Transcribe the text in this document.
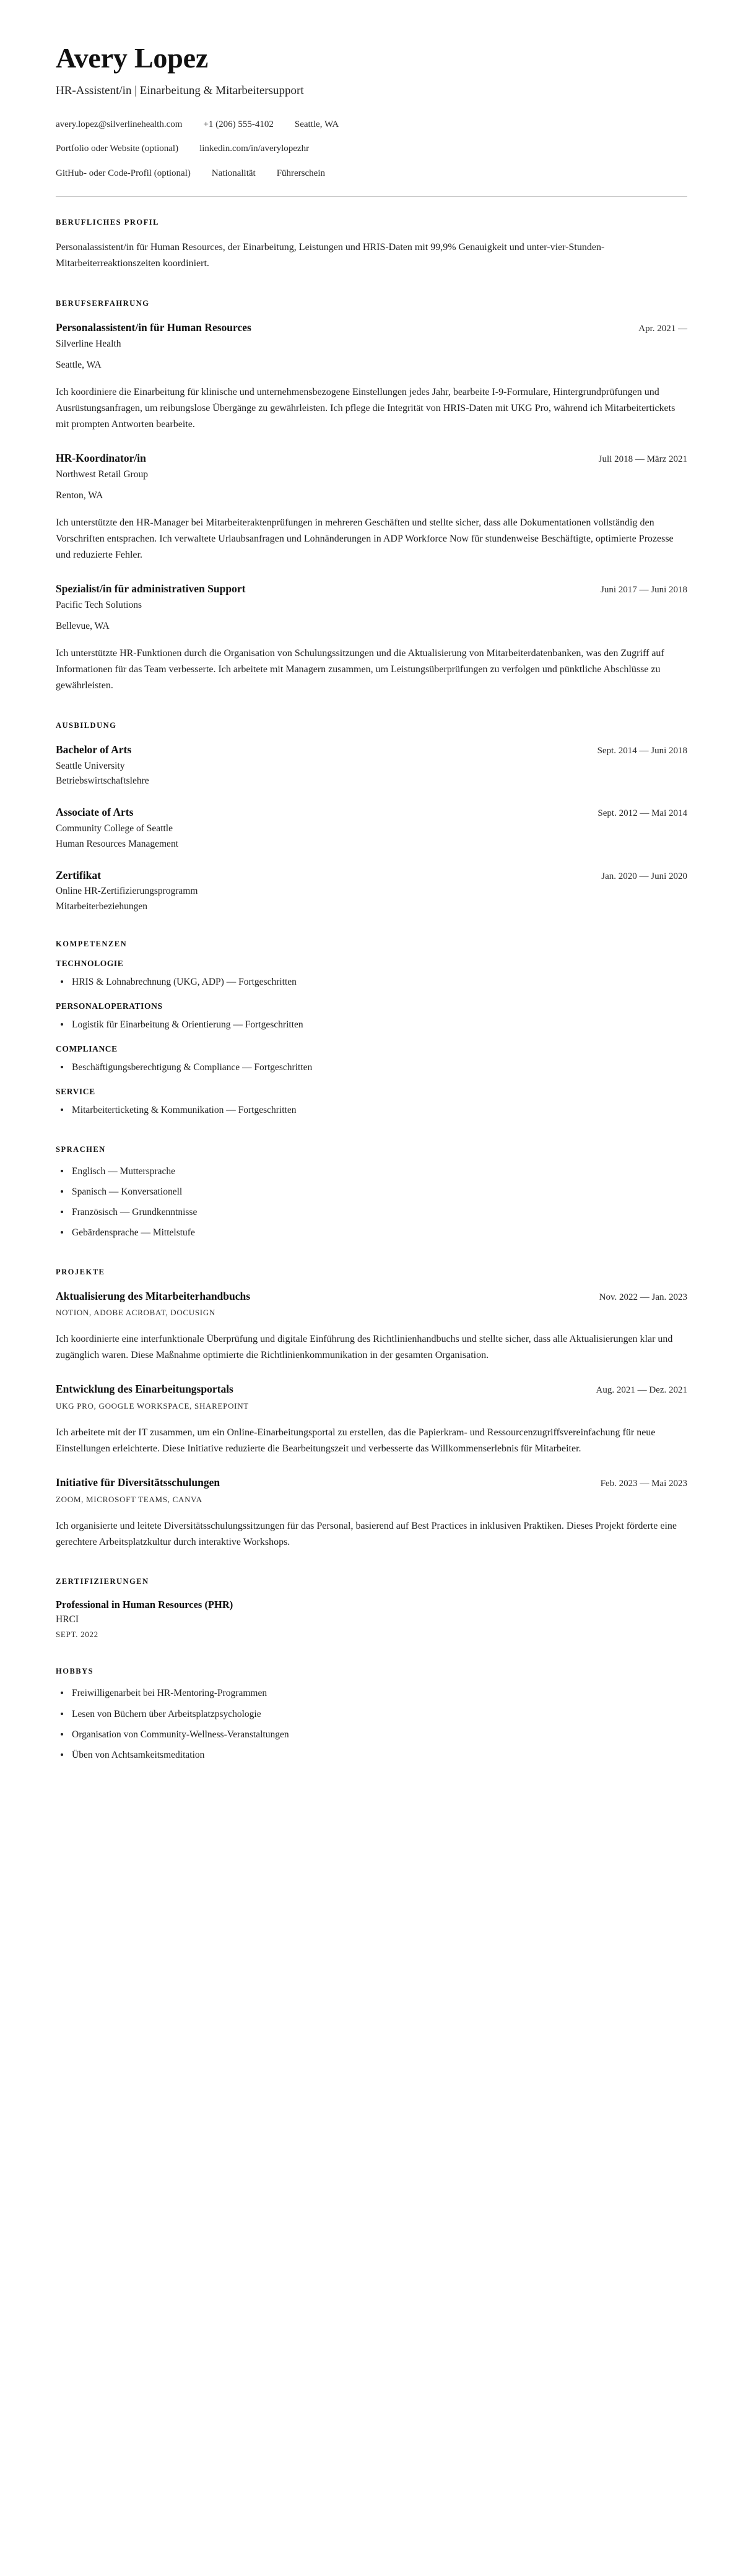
Avery Lopez

HR-Assistent/in | Einarbeitung & Mitarbeitersupport

avery.lopez@silverlinehealth.com +1 (206) 555-4102 Seattle, WA
Portfolio oder Website (optional) linkedin.com/in/averylopezhr
GitHub- oder Code-Profil (optional) Nationalität Führerschein
BERUFLICHES PROFIL

Personalassistent/in für Human Resources, der Einarbeitung, Leistungen und HRIS-Daten mit 99,9% Genauigkeit und unter-vier-Stunden-Mitarbeiterreaktionszeiten koordiniert.

BERUFSERFAHRUNG
Personalassistent/in für Human Resources	Apr. 2021 —

Silverline Health

Seattle, WA

Ich koordiniere die Einarbeitung für klinische und unternehmensbezogene Einstellungen jedes Jahr, bearbeite I-9-Formulare, Hintergrundprüfungen und Ausrüstungsanfragen, um reibungslose Übergänge zu gewährleisten. Ich pflege die Integrität von HRIS-Daten mit UKG Pro, während ich Mitarbeitertickets mit prompten Antworten bearbeite.

HR-Koordinator/in	Juli 2018 — März 2021

Northwest Retail Group

Renton, WA

Ich unterstützte den HR-Manager bei Mitarbeiteraktenprüfungen in mehreren Geschäften und stellte sicher, dass alle Dokumentationen vollständig den Vorschriften entsprachen. Ich verwaltete Urlaubsanfragen und Lohnänderungen in ADP Workforce Now für stundenweise Beschäftigte, optimierte Prozesse und reduzierte Fehler.

Spezialist/in für administrativen Support	Juni 2017 — Juni 2018

Pacific Tech Solutions

Bellevue, WA

Ich unterstützte HR-Funktionen durch die Organisation von Schulungssitzungen und die Aktualisierung von Mitarbeiterdatenbanken, was den Zugriff auf Informationen für das Team verbesserte. Ich arbeitete mit Managern zusammen, um Leistungsüberprüfungen zu verfolgen und pünktliche Abschlüsse zu gewährleisten.

AUSBILDUNG
Bachelor of Arts	Sept. 2014 — Juni 2018

Seattle University

Betriebswirtschaftslehre

Associate of Arts	Sept. 2012 — Mai 2014

Community College of Seattle

Human Resources Management

Zertifikat	Jan. 2020 — Juni 2020

Online HR-Zertifizierungsprogramm

Mitarbeiterbeziehungen

KOMPETENZEN
TECHNOLOGIE
HRIS & Lohnabrechnung (UKG, ADP) — Fortgeschritten
PERSONALOPERATIONS
Logistik für Einarbeitung & Orientierung — Fortgeschritten
COMPLIANCE
Beschäftigungsberechtigung & Compliance — Fortgeschritten
SERVICE
Mitarbeiterticketing & Kommunikation — Fortgeschritten
SPRACHEN
Englisch — Muttersprache
Spanisch — Konversationell
Französisch — Grundkenntnisse
Gebärdensprache — Mittelstufe
PROJEKTE
Aktualisierung des Mitarbeiterhandbuchs	Nov. 2022 — Jan. 2023

NOTION, ADOBE ACROBAT, DOCUSIGN

Ich koordinierte eine interfunktionale Überprüfung und digitale Einführung des Richtlinienhandbuchs und stellte sicher, dass alle Aktualisierungen klar und zugänglich waren. Diese Maßnahme optimierte die Richtlinienkommunikation in der gesamten Organisation.

Entwicklung des Einarbeitungsportals	Aug. 2021 — Dez. 2021

UKG PRO, GOOGLE WORKSPACE, SHAREPOINT

Ich arbeitete mit der IT zusammen, um ein Online-Einarbeitungsportal zu erstellen, das die Papierkram- und Ressourcenzugriffsvereinfachung für neue Einstellungen erleichterte. Diese Initiative reduzierte die Bearbeitungszeit und verbesserte das Willkommenserlebnis für Mitarbeiter.

Initiative für Diversitätsschulungen	Feb. 2023 — Mai 2023

ZOOM, MICROSOFT TEAMS, CANVA

Ich organisierte und leitete Diversitätsschulungssitzungen für das Personal, basierend auf Best Practices in inklusiven Praktiken. Dieses Projekt förderte eine gerechtere Arbeitsplatzkultur durch interaktive Workshops.

ZERTIFIZIERUNGEN
Professional in Human Resources (PHR)

HRCI

SEPT. 2022

HOBBYS
Freiwilligenarbeit bei HR-Mentoring-Programmen
Lesen von Büchern über Arbeitsplatzpsychologie
Organisation von Community-Wellness-Veranstaltungen
Üben von Achtsamkeitsmeditation
